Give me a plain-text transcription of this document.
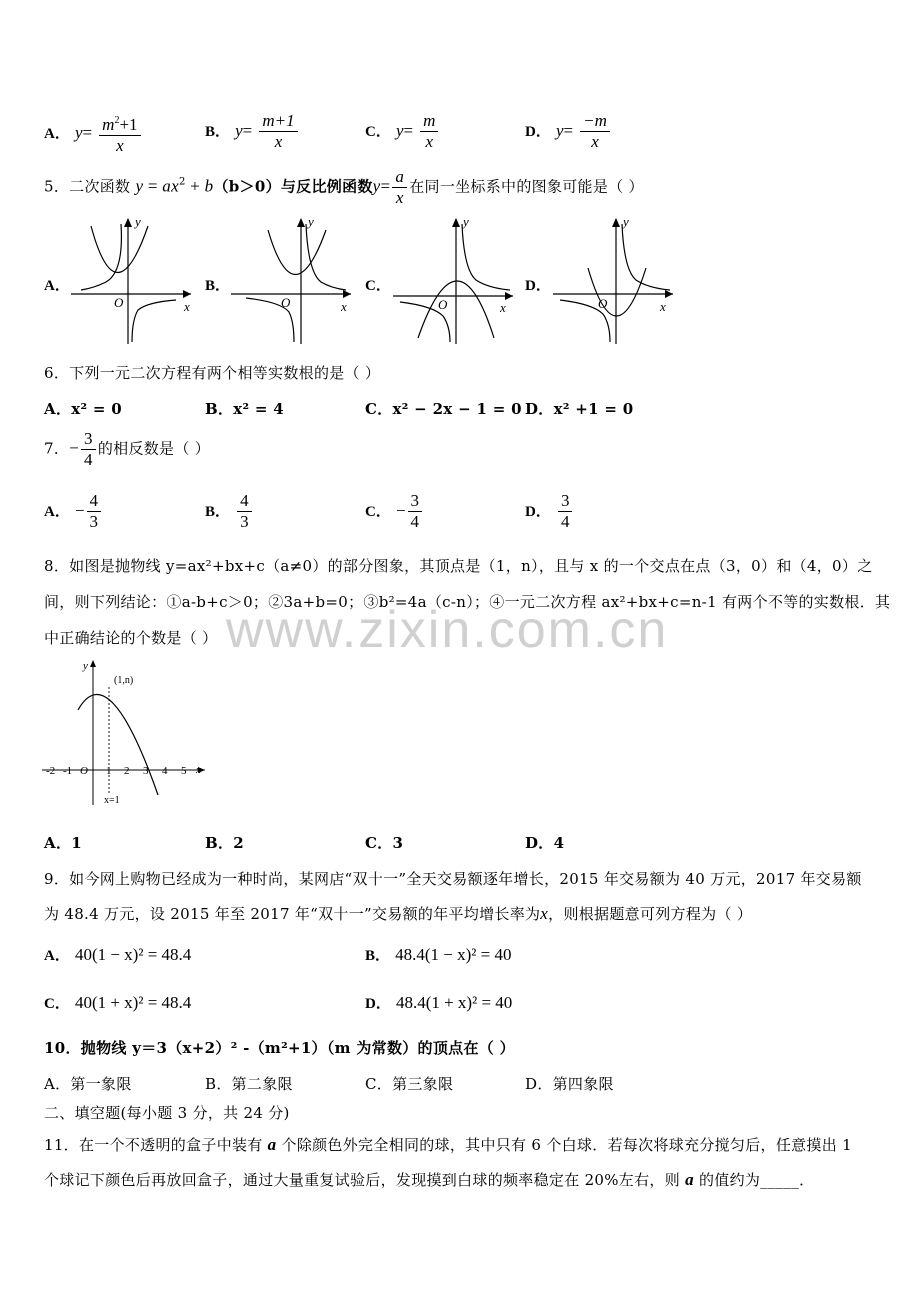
www.zixin.com.cn
A． $y= \frac{m^2+1}{x}$	B． $y= \frac{m+1}{x}$	C． $y= \frac{m}{x}$	D． $y= \frac{-m}{x}$
5．二次函数 $y = ax^2 + b(b>0)$与反比例函数$y= \frac{a}{x}$ 在同一坐标系中的图象可能是（ ）
A．
y
x
O
B．
y
x
O
C．
y
x
O
D．
y
x
O
6．下列一元二次方程有两个相等实数根的是（ ）
A．x² = 0	B．x² = 4	C．x² − 2x − 1 = 0 D．x² +1 = 0
7．− $\frac{3}{4}$ 的相反数是（ ）
A． − $\frac{4}{3}$	B． $\frac{4}{3}$	C． − $\frac{3}{4}$	D． $\frac{3}{4}$
8．如图是抛物线 y=ax²+bx+c（a≠0）的部分图象，其顶点是（1，n），且与 x 的一个交点在点（3，0）和（4，0）之
间，则下列结论：①a-b+c＞0；②3a+b=0；③b²=4a（c-n）；④一元二次方程 ax²+bx+c=n-1 有两个不等的实数根．其
中正确结论的个数是（ ）
y
x
O
(1,n)
x=1
-2 -1	1 2 3 4 5
A．1	B．2	C．3	D．4
9．如今网上购物已经成为一种时尚，某网店“双十一”全天交易额逐年增长，2015 年交易额为 40 万元，2017 年交易额
为 48.4 万元，设 2015 年至 2017 年“双十一”交易额的年平均增长率为x，则根据题意可列方程为（ ）
A． 40(1 − x)² = 48.4	B． 48.4(1 − x)² = 40
C． 40(1 + x)² = 48.4	D． 48.4(1 + x)² = 40
10．抛物线 y＝3（x+2）² -（m²+1）（m 为常数）的顶点在（ ）
A．第一象限	B．第二象限	C．第三象限	D．第四象限
二、填空题(每小题 3 分，共 24 分)
11．在一个不透明的盒子中装有 a 个除颜色外完全相同的球，其中只有 6 个白球．若每次将球充分搅匀后，任意摸出 1
个球记下颜色后再放回盒子，通过大量重复试验后，发现摸到白球的频率稳定在 20%左右，则 a 的值约为_____．
